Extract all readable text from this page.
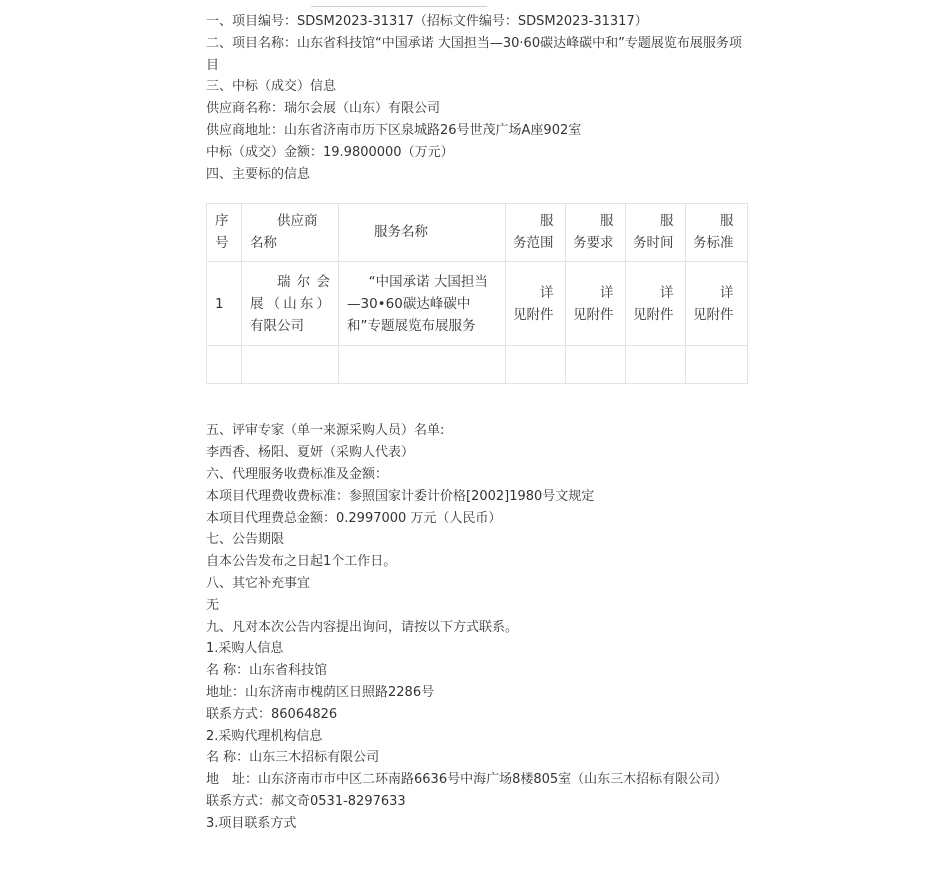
一、项目编号：SDSM2023-31317（招标文件编号：SDSM2023-31317）

二、项目名称：山东省科技馆“中国承诺 大国担当—30·60碳达峰碳中和”专题展览布展服务项目

三、中标（成交）信息

供应商名称：瑞尔会展（山东）有限公司

供应商地址：山东省济南市历下区泉城路26号世茂广场A座902室

中标（成交）金额：19.9800000（万元）

四、主要标的信息

序号	供应商名称	服务名称	服务范围	服务要求	服务时间	服务标准
1	瑞尔会展（山东）有限公司	“中国承诺 大国担当—30•60碳达峰碳中和”专题展览布展服务	详见附件	详见附件	详见附件	详见附件

五、评审专家（单一来源采购人员）名单:

李西香、杨阳、夏妍（采购人代表）

六、代理服务收费标准及金额：

本项目代理费收费标准：参照国家计委计价格[2002]1980号文规定

本项目代理费总金额：0.2997000 万元（人民币）

七、公告期限

自本公告发布之日起1个工作日。

八、其它补充事宜

无

九、凡对本次公告内容提出询问，请按以下方式联系。

1.采购人信息

名 称：山东省科技馆

地址：山东济南市槐荫区日照路2286号

联系方式：86064826

2.采购代理机构信息

名 称：山东三木招标有限公司

地　址：山东济南市市中区二环南路6636号中海广场8楼805室（山东三木招标有限公司）

联系方式：郝文奇0531-8297633

3.项目联系方式
